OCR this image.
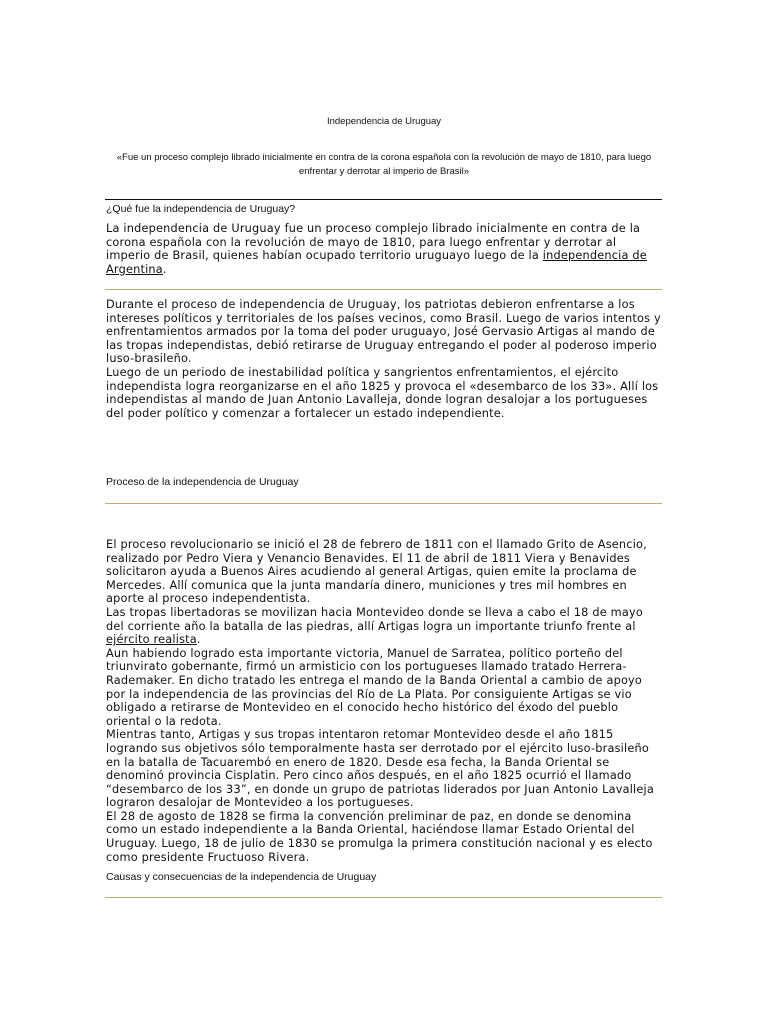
Independencia de Uruguay
«Fue un proceso complejo librado inicialmente en contra de la corona española con la revolución de mayo de 1810, para luego enfrentar y derrotar al imperio de Brasil»
¿Qué fue la independencia de Uruguay?
La independencia de Uruguay fue un proceso complejo librado inicialmente en contra de la corona española con la revolución de mayo de 1810, para luego enfrentar y derrotar al imperio de Brasil, quienes habían ocupado territorio uruguayo luego de la independencia de Argentina.
Durante el proceso de independencia de Uruguay, los patriotas debieron enfrentarse a los intereses políticos y territoriales de los países vecinos, como Brasil. Luego de varios intentos y enfrentamientos armados por la toma del poder uruguayo, José Gervasio Artigas al mando de las tropas independistas, debió retirarse de Uruguay entregando el poder al poderoso imperio luso-brasileño.
Luego de un periodo de inestabilidad política y sangrientos enfrentamientos, el ejército independista logra reorganizarse en el año 1825 y provoca el «desembarco de los 33». Allí los independistas al mando de Juan Antonio Lavalleja, donde logran desalojar a los portugueses del poder político y comenzar a fortalecer un estado independiente.
Proceso de la independencia de Uruguay
El proceso revolucionario se inició el 28 de febrero de 1811 con el llamado Grito de Asencio, realizado por Pedro Viera y Venancio Benavides. El 11 de abril de 1811 Viera y Benavides solicitaron ayuda a Buenos Aires acudiendo al general Artigas, quien emite la proclama de Mercedes. Allí comunica que la junta mandaría dinero, municiones y tres mil hombres en aporte al proceso independentista.
Las tropas libertadoras se movilizan hacia Montevideo donde se lleva a cabo el 18 de mayo del corriente año la batalla de las piedras, allí Artigas logra un importante triunfo frente al ejército realista.
Aun habiendo logrado esta importante victoria, Manuel de Sarratea, político porteño del triunvirato gobernante, firmó un armisticio con los portugueses llamado tratado Herrera-Rademaker. En dicho tratado les entrega el mando de la Banda Oriental a cambio de apoyo por la independencia de las provincias del Río de La Plata. Por consiguiente Artigas se vio obligado a retirarse de Montevideo en el conocido hecho histórico del éxodo del pueblo oriental o la redota.
Mientras tanto, Artigas y sus tropas intentaron retomar Montevideo desde el año 1815 logrando sus objetivos sólo temporalmente hasta ser derrotado por el ejército luso-brasileño en la batalla de Tacuarembó en enero de 1820. Desde esa fecha, la Banda Oriental se denominó provincia Cisplatin. Pero cinco años después, en el año 1825 ocurrió el llamado “desembarco de los 33”, en donde un grupo de patriotas liderados por Juan Antonio Lavalleja lograron desalojar de Montevideo a los portugueses.
El 28 de agosto de 1828 se firma la convención preliminar de paz, en donde se denomina como un estado independiente a la Banda Oriental, haciéndose llamar Estado Oriental del Uruguay. Luego, 18 de julio de 1830 se promulga la primera constitución nacional y es electo como presidente Fructuoso Rivera.
Causas y consecuencias de la independencia de Uruguay
